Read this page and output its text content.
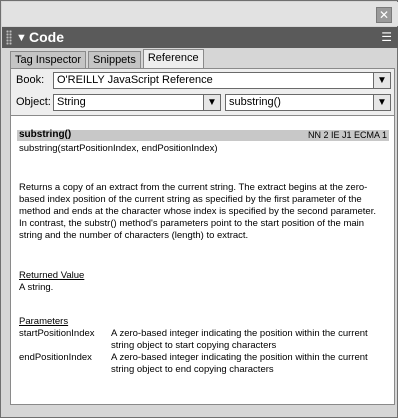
✕
▼ Code	☰
Tag Inspector	Snippets	Reference
Book:	O'REILLY JavaScript Reference	▼
Object: String	▼	substring()	▼
substring()	NN 2 IE J1 ECMA 1
substring(startPositionIndex, endPositionIndex)
Returns a copy of an extract from the current string. The extract begins at the zero-based index position of the current string as specified by the first parameter of the method and ends at the character whose index is specified by the second parameter. In contrast, the substr() method's parameters point to the start position of the main string and the number of characters (length) to extract.
Returned Value
A string.
Parameters
startPositionIndex A zero-based integer indicating the position within the current string object to start copying characters
endPositionIndex A zero-based integer indicating the position within the current string object to end copying characters
